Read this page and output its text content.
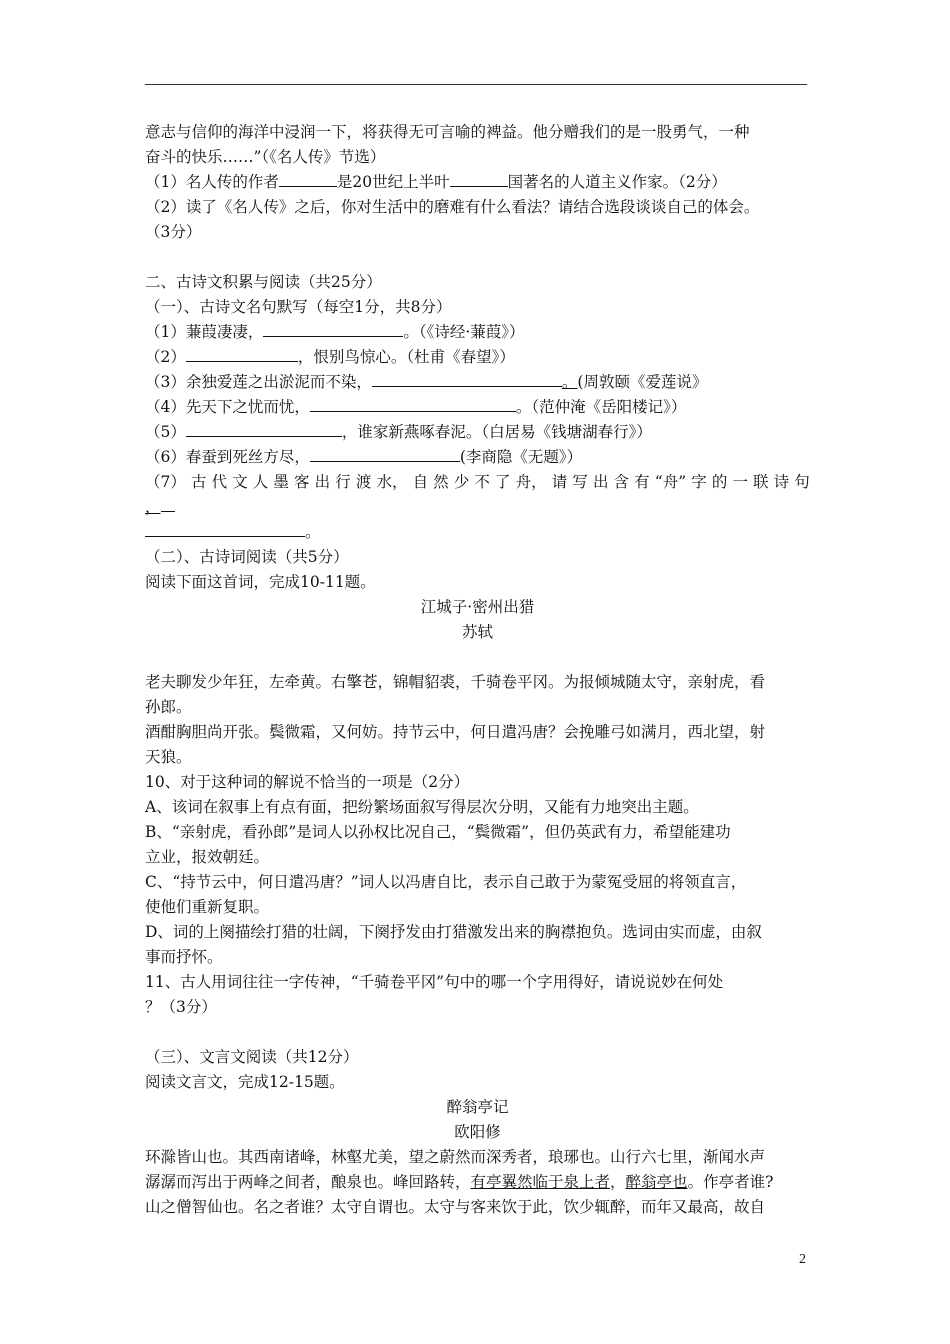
意志与信仰的海洋中浸润一下，将获得无可言喻的裨益。他分赠我们的是一股勇气，一种
奋斗的快乐……”（《名人传》节选）
（1）名人传的作者	是20世纪上半叶	国著名的人道主义作家。（2分）
（2）读了《名人传》之后，你对生活中的磨难有什么看法？请结合选段谈谈自己的体会。
（3分）
二、古诗文积累与阅读（共25分）
（一）、古诗文名句默写（每空1分，共8分）
（1）蒹葭凄凄，	。（《诗经·蒹葭》）
（2）	，恨别鸟惊心。（杜甫《春望》）
（3）余独爱莲之出淤泥而不染，	。(周敦颐《爱莲说》
（4）先天下之忧而忧，	。（范仲淹《岳阳楼记》）
（5）	，谁家新燕啄春泥。（白居易《钱塘湖春行》）
（6）春蚕到死丝方尽，	(李商隐《无题》）
（7） 古 代 文 人 墨 客 出 行 渡 水， 自 然 少 不 了 舟， 请 写 出 含 有 “舟” 字 的 一 联 诗 句
，
。
（二）、古诗词阅读（共5分）
阅读下面这首词，完成10-11题。
江城子·密州出猎
苏轼
老夫聊发少年狂，左牵黄。右擎苍，锦帽貂裘，千骑卷平冈。为报倾城随太守，亲射虎，看
孙郎。
酒酣胸胆尚开张。鬓微霜，又何妨。持节云中，何日遣冯唐？会挽雕弓如满月，西北望，射
天狼。
10、对于这种词的解说不恰当的一项是（2分）
A、该词在叙事上有点有面，把纷繁场面叙写得层次分明，又能有力地突出主题。
B、“亲射虎，看孙郎”是词人以孙权比况自己，“鬓微霜”，但仍英武有力，希望能建功
立业，报效朝廷。
C、“持节云中，何日遣冯唐？”词人以冯唐自比，表示自己敢于为蒙冤受屈的将领直言，
使他们重新复职。
D、词的上阕描绘打猎的壮阔，下阕抒发由打猎激发出来的胸襟抱负。选词由实而虚，由叙
事而抒怀。
11、古人用词往往一字传神，“千骑卷平冈”句中的哪一个字用得好，请说说妙在何处
？（3分）
（三）、文言文阅读（共12分）
阅读文言文，完成12-15题。
醉翁亭记
欧阳修
环滁皆山也。其西南诸峰，林壑尤美，望之蔚然而深秀者，琅琊也。山行六七里，渐闻水声
潺潺而泻出于两峰之间者，酿泉也。峰回路转，有亭翼然临于泉上者，醉翁亭也。作亭者谁?
山之僧智仙也。名之者谁？太守自谓也。太守与客来饮于此，饮少辄醉，而年又最高，故自
2
